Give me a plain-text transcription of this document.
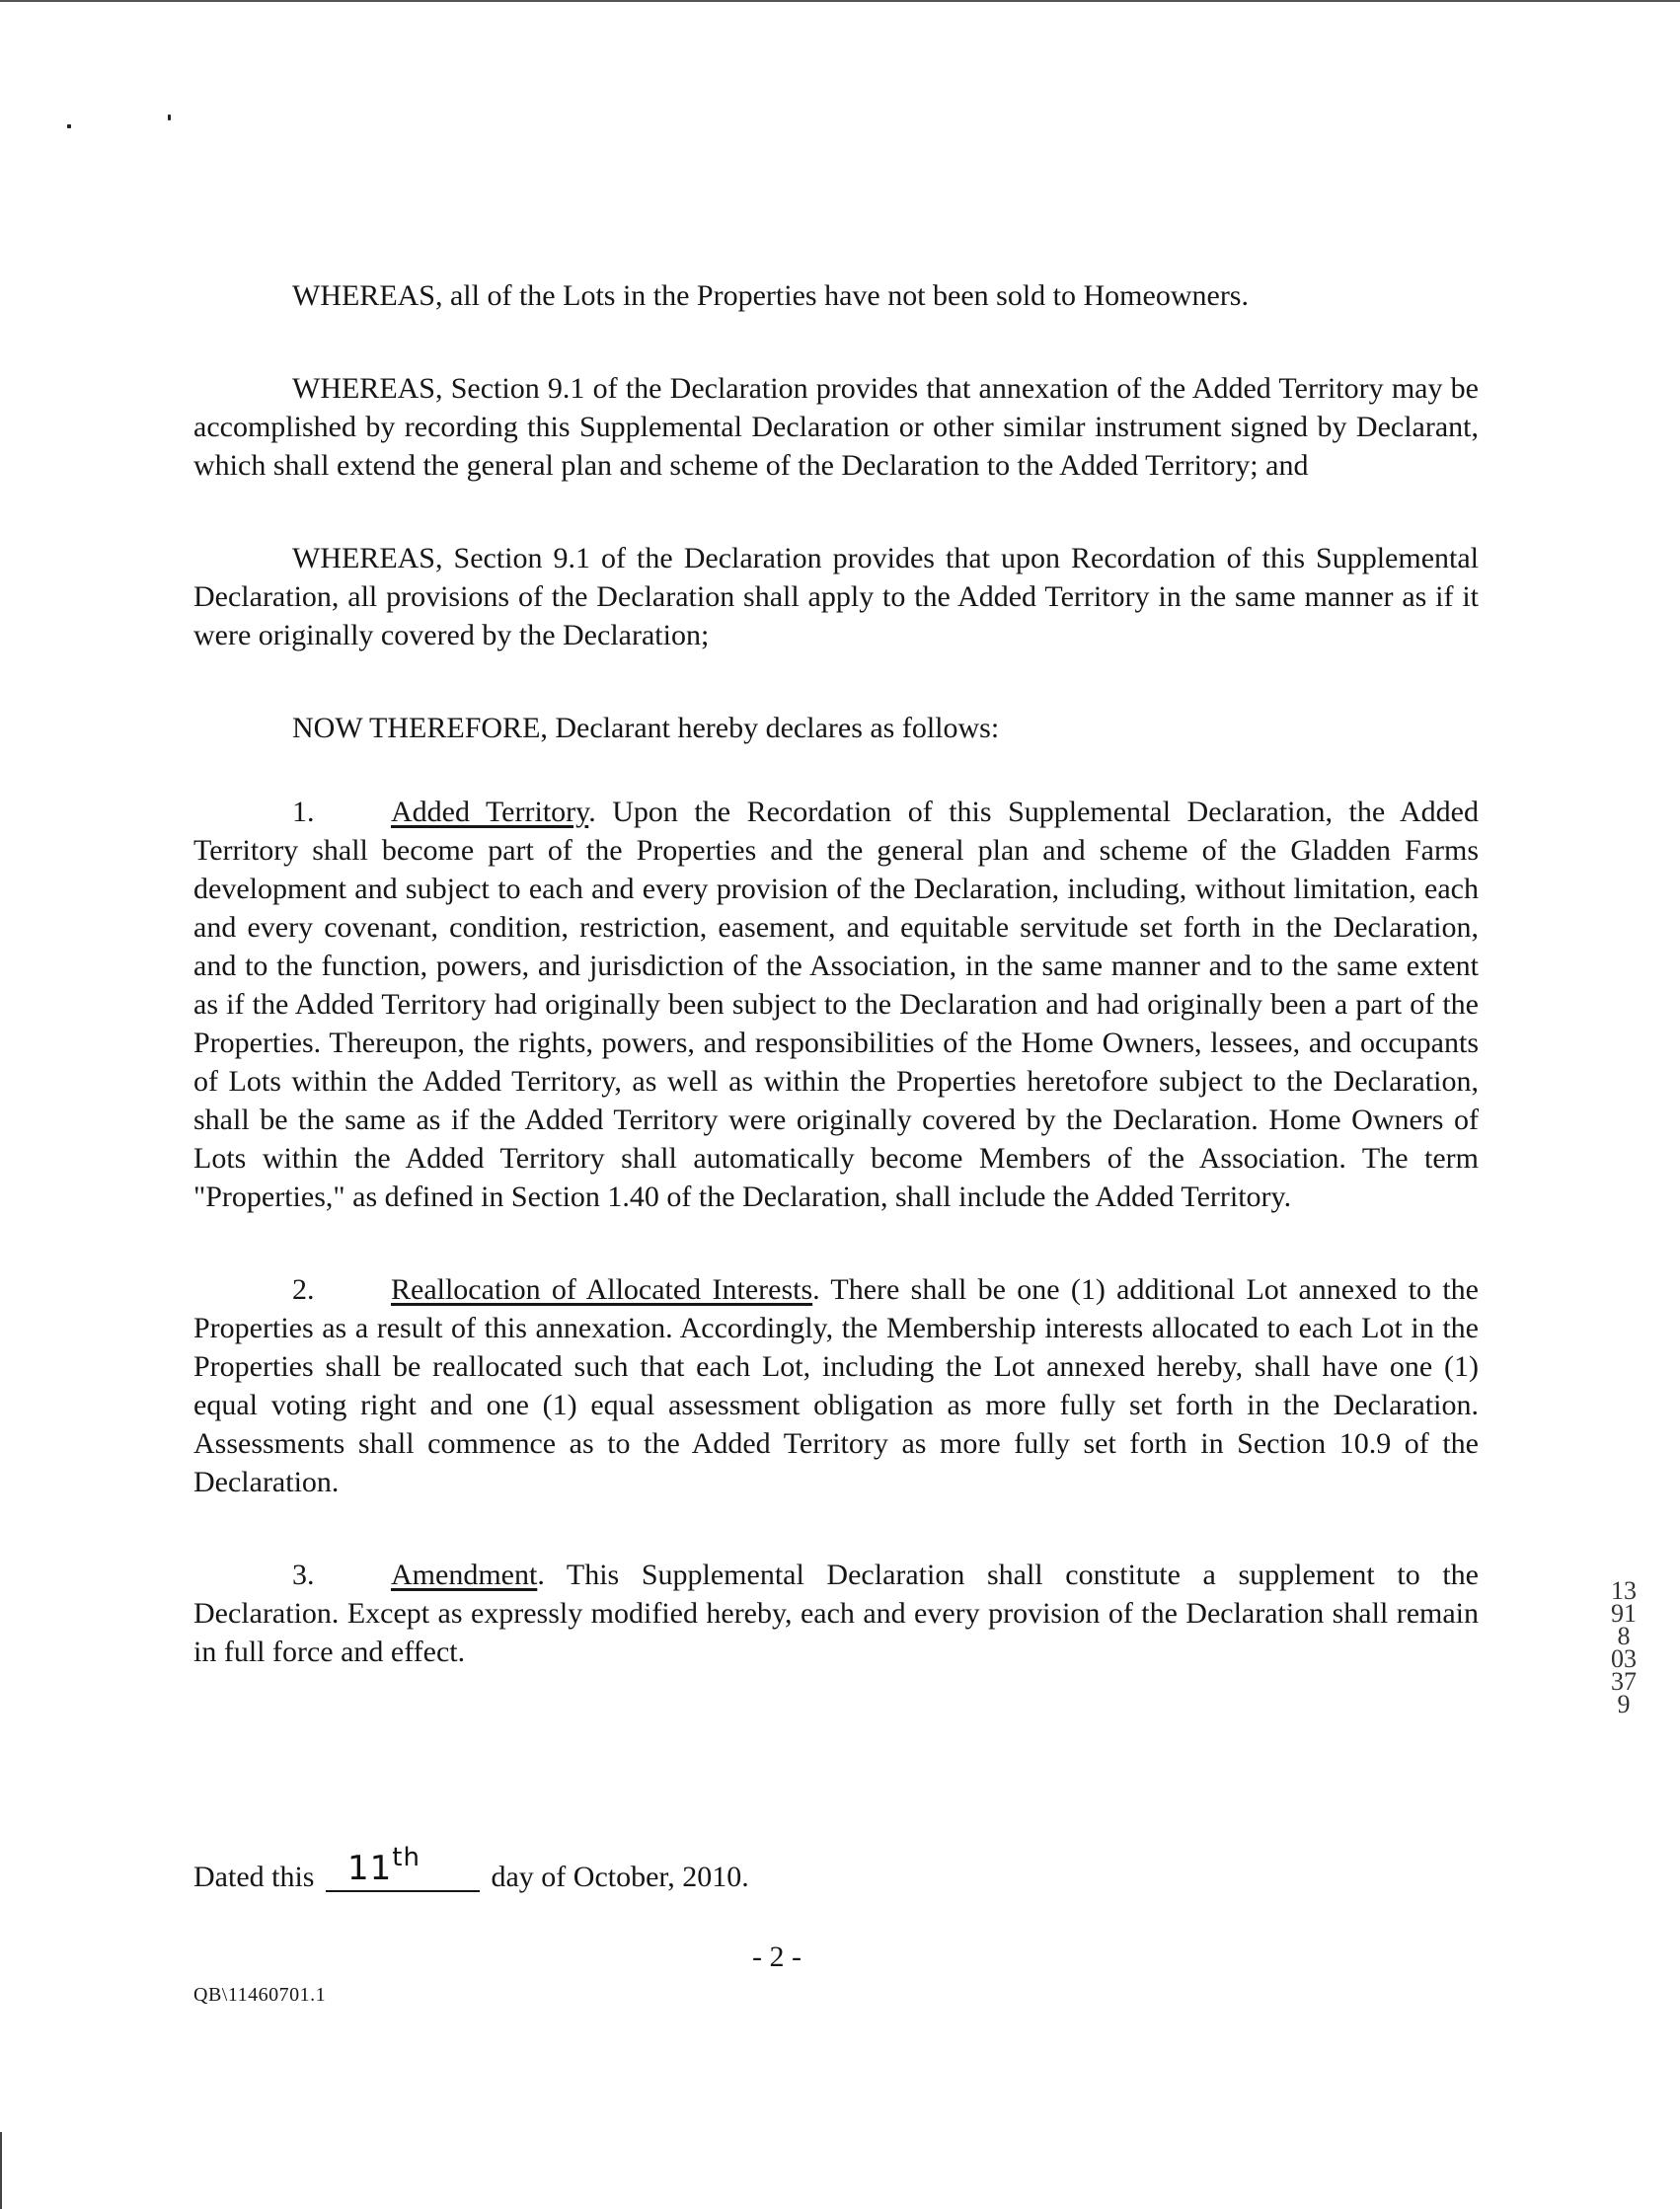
WHEREAS, all of the Lots in the Properties have not been sold to Homeowners.

WHEREAS, Section 9.1 of the Declaration provides that annexation of the Added Territory may be accomplished by recording this Supplemental Declaration or other similar instrument signed by Declarant, which shall extend the general plan and scheme of the Declaration to the Added Territory; and

WHEREAS, Section 9.1 of the Declaration provides that upon Recordation of this Supplemental Declaration, all provisions of the Declaration shall apply to the Added Territory in the same manner as if it were originally covered by the Declaration;

NOW THEREFORE, Declarant hereby declares as follows:

1.	Added Territory. Upon the Recordation of this Supplemental Declaration, the Added Territory shall become part of the Properties and the general plan and scheme of the Gladden Farms development and subject to each and every provision of the Declaration, including, without limitation, each and every covenant, condition, restriction, easement, and equitable servitude set forth in the Declaration, and to the function, powers, and jurisdiction of the Association, in the same manner and to the same extent as if the Added Territory had originally been subject to the Declaration and had originally been a part of the Properties. Thereupon, the rights, powers, and responsibilities of the Home Owners, lessees, and occupants of Lots within the Added Territory, as well as within the Properties heretofore subject to the Declaration, shall be the same as if the Added Territory were originally covered by the Declaration. Home Owners of Lots within the Added Territory shall automatically become Members of the Association. The term "Properties," as defined in Section 1.40 of the Declaration, shall include the Added Territory.

2.	Reallocation of Allocated Interests. There shall be one (1) additional Lot annexed to the Properties as a result of this annexation. Accordingly, the Membership interests allocated to each Lot in the Properties shall be reallocated such that each Lot, including the Lot annexed hereby, shall have one (1) equal voting right and one (1) equal assessment obligation as more fully set forth in the Declaration. Assessments shall commence as to the Added Territory as more fully set forth in Section 10.9 of the Declaration.

3.	Amendment. This Supplemental Declaration shall constitute a supplement to the Declaration. Except as expressly modified hereby, each and every provision of the Declaration shall remain in full force and effect.

Dated this 11th
day of October, 2010.
- 2 -
QB\11460701.1
13918 03379
